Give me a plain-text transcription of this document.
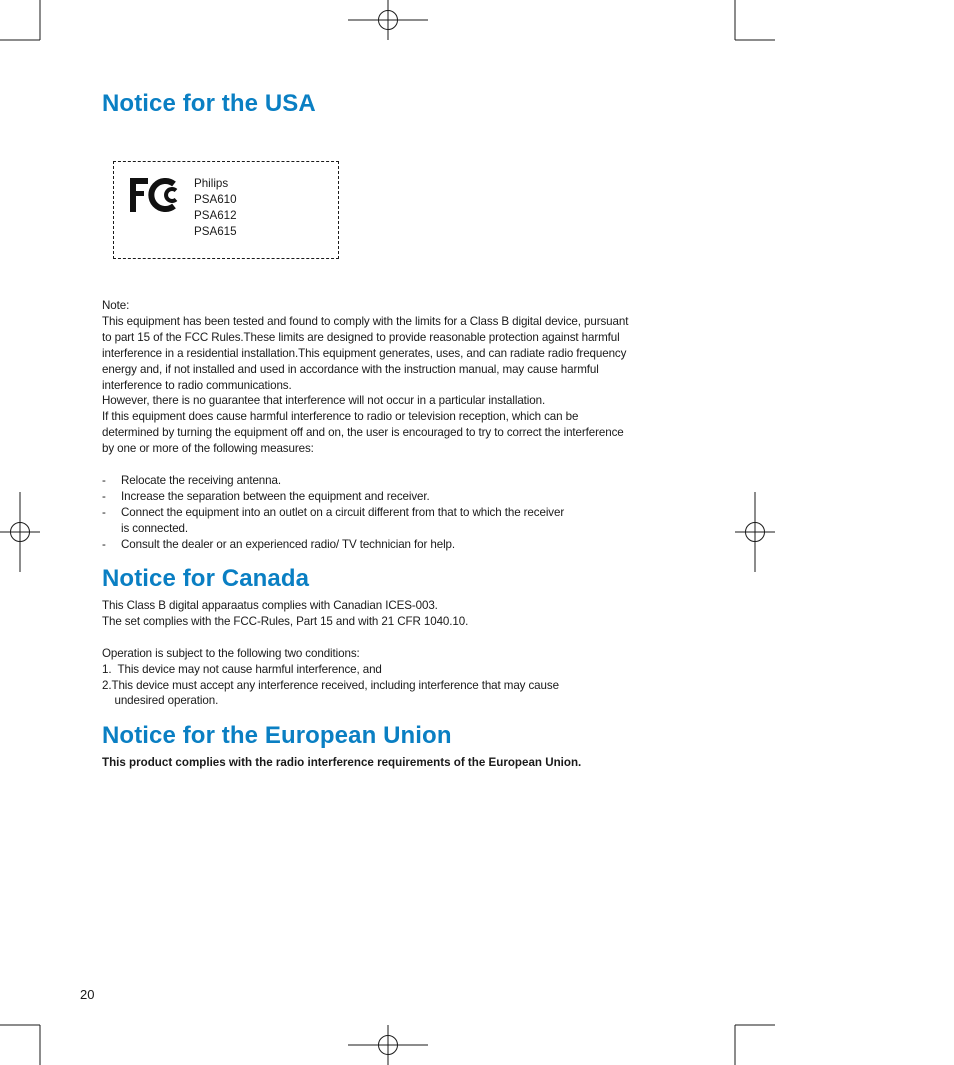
Notice for the USA
Philips
PSA610
PSA612
PSA615
Note:
This equipment has been tested and found to comply with the limits for a Class B digital device, pursuant
to part 15 of the FCC Rules.These limits are designed to provide reasonable protection against harmful
interference in a residential installation.This equipment generates, uses, and can radiate radio frequency
energy and, if not installed and used in accordance with the instruction manual, may cause harmful
interference to radio communications.
However, there is no guarantee that interference will not occur in a particular installation.
If this equipment does cause harmful interference to radio or television reception, which can be
determined by turning the equipment off and on, the user is encouraged to try to correct the interference
by one or more of the following measures:
- Relocate the receiving antenna.
- Increase the separation between the equipment and receiver.
- Connect the equipment into an outlet on a circuit different from that to which the receiver
is connected.
- Consult the dealer or an experienced radio/ TV technician for help.
Notice for Canada
This Class B digital apparaatus complies with Canadian ICES-003.
The set complies with the FCC-Rules, Part 15 and with 21 CFR 1040.10.
Operation is subject to the following two conditions:
1.  This device may not cause harmful interference, and
2.This device must accept any interference received, including interference that may cause
undesired operation.
Notice for the European Union

This product complies with the radio interference requirements of the European Union.

20
